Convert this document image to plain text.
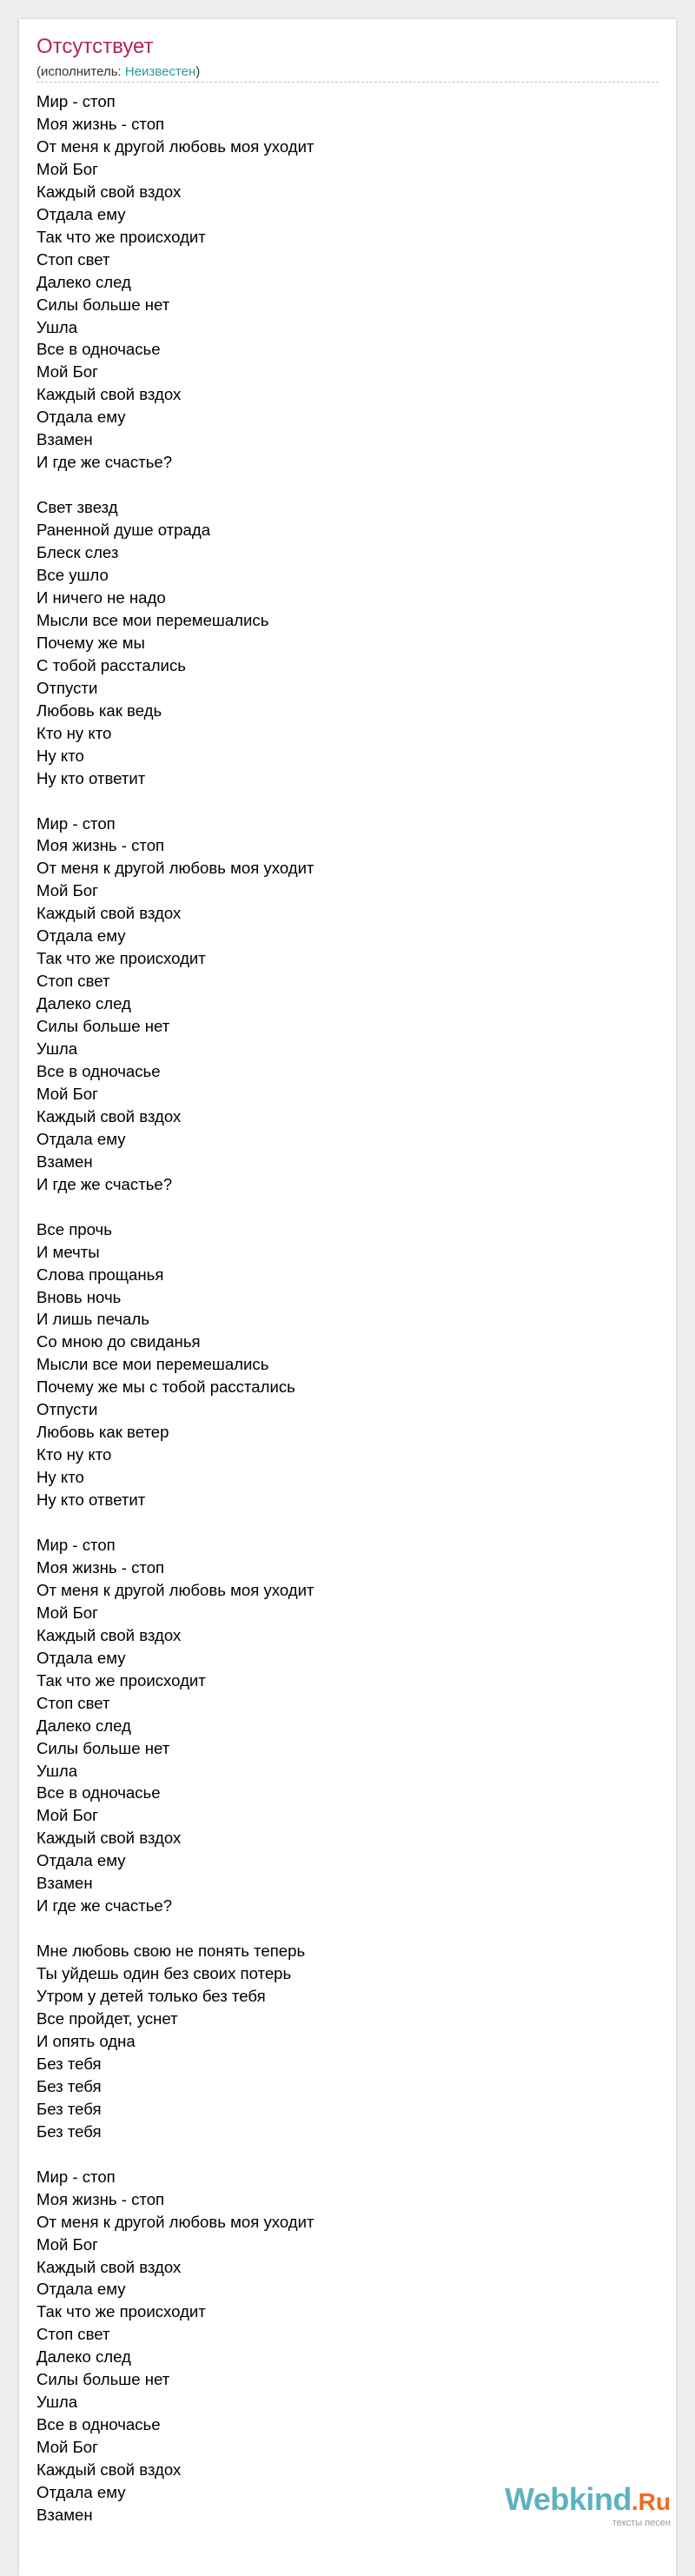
Отсутствует
(исполнитель: Неизвестен)
Мир - стоп
Моя жизнь - стоп
От меня к другой любовь моя уходит
Мой Бог
Каждый свой вздох
Отдала ему
Так что же происходит
Стоп свет
Далеко след
Силы больше нет
Ушла
Все в одночасье
Мой Бог
Каждый свой вздох
Отдала ему
Взамен
И где же счастье?

Свет звезд
Раненной душе отрада
Блеск слез
Все ушло
И ничего не надо
Мысли все мои перемешались
Почему же мы
С тобой расстались
Отпусти
Любовь как ведь
Кто ну кто
Ну кто
Ну кто ответит

Мир - стоп
Моя жизнь - стоп
От меня к другой любовь моя уходит
Мой Бог
Каждый свой вздох
Отдала ему
Так что же происходит
Стоп свет
Далеко след
Силы больше нет
Ушла
Все в одночасье
Мой Бог
Каждый свой вздох
Отдала ему
Взамен
И где же счастье?

Все прочь
И мечты
Слова прощанья
Вновь ночь
И лишь печаль
Со мною до свиданья
Мысли все мои перемешались
Почему же мы с тобой расстались
Отпусти
Любовь как ветер
Кто ну кто
Ну кто
Ну кто ответит

Мир - стоп
Моя жизнь - стоп
От меня к другой любовь моя уходит
Мой Бог
Каждый свой вздох
Отдала ему
Так что же происходит
Стоп свет
Далеко след
Силы больше нет
Ушла
Все в одночасье
Мой Бог
Каждый свой вздох
Отдала ему
Взамен
И где же счастье?

Мне любовь свою не понять теперь
Ты уйдешь один без своих потерь
Утром у детей только без тебя
Все пройдет, уснет
И опять одна
Без тебя
Без тебя
Без тебя
Без тебя

Мир - стоп
Моя жизнь - стоп
От меня к другой любовь моя уходит
Мой Бог
Каждый свой вздох
Отдала ему
Так что же происходит
Стоп свет
Далеко след
Силы больше нет
Ушла
Все в одночасье
Мой Бог
Каждый свой вздох
Отдала ему
Взамен	Webkind.Ru
тексты песен
